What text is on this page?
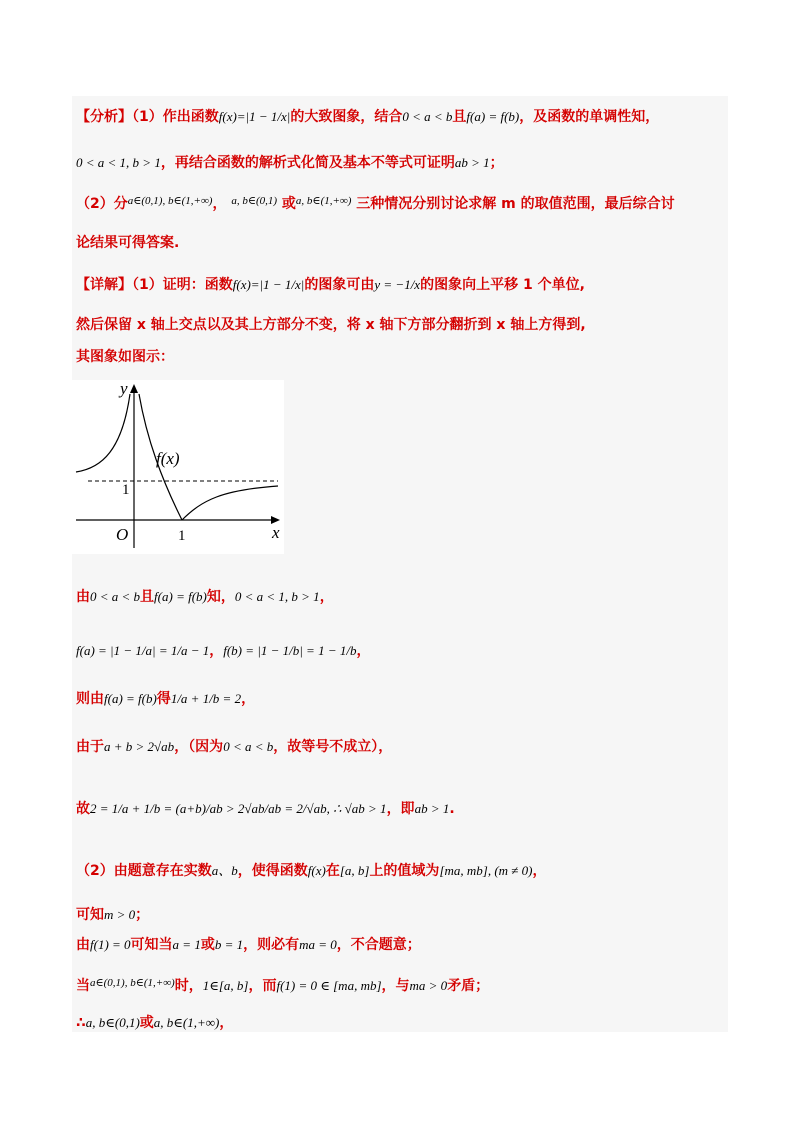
【分析】（1）作出函数f(x)=|1 − 1/x|的大致图象，结合0 < a < b且f(a) = f(b)，及函数的单调性知，
0 < a < 1, b > 1，再结合函数的解析式化简及基本不等式可证明ab > 1；
（2）分$^{a\in(0,1), b\in(1,+\infty)}$， $^{a, b\in(0,1)}$ 或$^{a, b\in(1,+\infty)}$ 三种情况分别讨论求解 m 的取值范围，最后综合讨
论结果可得答案.
【详解】（1）证明：函数f(x)=|1 − 1/x|的图象可由y = −1/x的图象向上平移 1 个单位,
然后保留 x 轴上交点以及其上方部分不变，将 x 轴下方部分翻折到 x 轴上方得到,
其图象如图示：
y
x
O	1
1
f(x)
由0 < a < b且f(a) = f(b)知，0 < a < 1, b > 1，
f(a) = |1 − 1/a| = 1/a − 1，f(b) = |1 − 1/b| = 1 − 1/b，
则由f(a) = f(b)得1/a + 1/b = 2，
由于a + b > 2√ab，（因为0 < a < b，故等号不成立），
故2 = 1/a + 1/b = (a+b)/ab > 2√ab/ab = 2/√ab, ∴ √ab > 1，即ab > 1.
（2）由题意存在实数a、b，使得函数f(x)在[a, b]上的值域为[ma, mb], (m ≠ 0)，
可知m > 0；
由f(1) = 0可知当a = 1或b = 1，则必有ma = 0，不合题意；
当$^{a\in(0,1), b\in(1,+\infty)}$时，1∈[a, b]，而f(1) = 0 ∈ [ma, mb]，与ma > 0矛盾；
∴a, b∈(0,1)或a, b∈(1,+∞)，
